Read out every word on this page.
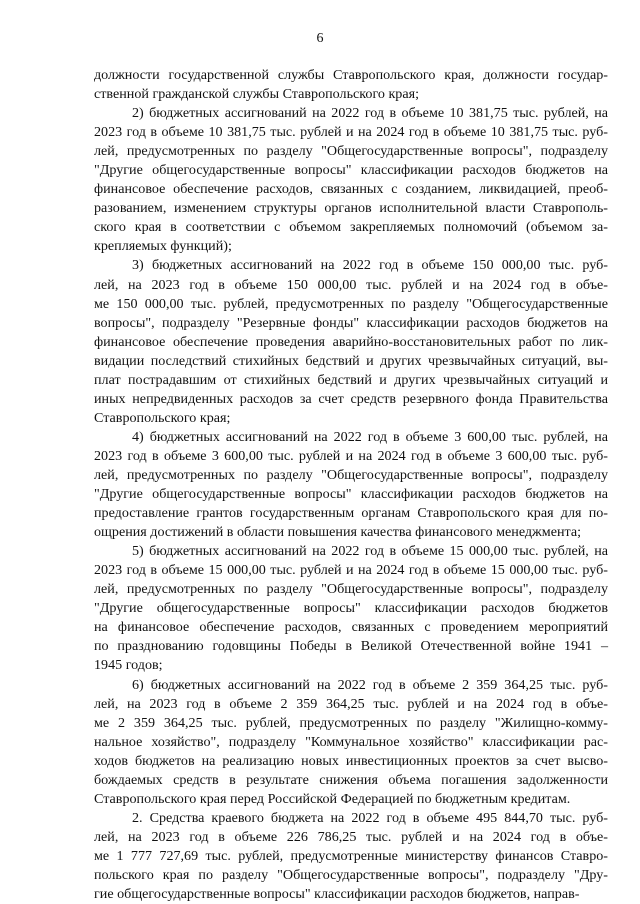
6
должности государственной службы Ставропольского края, должности государ-
ственной гражданской службы Ставропольского края;
2) бюджетных ассигнований на 2022 год в объеме 10 381,75 тыс. рублей, на
2023 год в объеме 10 381,75 тыс. рублей и на 2024 год в объеме 10 381,75 тыс. руб-
лей, предусмотренных по разделу "Общегосударственные вопросы", подразделу
"Другие общегосударственные вопросы" классификации расходов бюджетов на
финансовое обеспечение расходов, связанных с созданием, ликвидацией, преоб-
разованием, изменением структуры органов исполнительной власти Ставрополь-
ского края в соответствии с объемом закрепляемых полномочий (объемом за-
крепляемых функций);
3) бюджетных ассигнований на 2022 год в объеме 150 000,00 тыс. руб-
лей, на 2023 год в объеме 150 000,00 тыс. рублей и на 2024 год в объе-
ме 150 000,00 тыс. рублей, предусмотренных по разделу "Общегосударственные
вопросы", подразделу "Резервные фонды" классификации расходов бюджетов на
финансовое обеспечение проведения аварийно-восстановительных работ по лик-
видации последствий стихийных бедствий и других чрезвычайных ситуаций, вы-
плат пострадавшим от стихийных бедствий и других чрезвычайных ситуаций и
иных непредвиденных расходов за счет средств резервного фонда Правительства
Ставропольского края;
4) бюджетных ассигнований на 2022 год в объеме 3 600,00 тыс. рублей, на
2023 год в объеме 3 600,00 тыс. рублей и на 2024 год в объеме 3 600,00 тыс. руб-
лей, предусмотренных по разделу "Общегосударственные вопросы", подразделу
"Другие общегосударственные вопросы" классификации расходов бюджетов на
предоставление грантов государственным органам Ставропольского края для по-
ощрения достижений в области повышения качества финансового менеджмента;
5) бюджетных ассигнований на 2022 год в объеме 15 000,00 тыс. рублей, на
2023 год в объеме 15 000,00 тыс. рублей и на 2024 год в объеме 15 000,00 тыс. руб-
лей, предусмотренных по разделу "Общегосударственные вопросы", подразделу
"Другие общегосударственные вопросы" классификации расходов бюджетов
на финансовое обеспечение расходов, связанных с проведением мероприятий
по празднованию годовщины Победы в Великой Отечественной войне 1941 –
1945 годов;
6) бюджетных ассигнований на 2022 год в объеме 2 359 364,25 тыс. руб-
лей, на 2023 год в объеме 2 359 364,25 тыс. рублей и на 2024 год в объе-
ме 2 359 364,25 тыс. рублей, предусмотренных по разделу "Жилищно-комму-
нальное хозяйство", подразделу "Коммунальное хозяйство" классификации рас-
ходов бюджетов на реализацию новых инвестиционных проектов за счет высво-
бождаемых средств в результате снижения объема погашения задолженности
Ставропольского края перед Российской Федерацией по бюджетным кредитам.
2. Средства краевого бюджета на 2022 год в объеме 495 844,70 тыс. руб-
лей, на 2023 год в объеме 226 786,25 тыс. рублей и на 2024 год в объе-
ме 1 777 727,69 тыс. рублей, предусмотренные министерству финансов Ставро-
польского края по разделу "Общегосударственные вопросы", подразделу "Дру-
гие общегосударственные вопросы" классификации расходов бюджетов, направ-
